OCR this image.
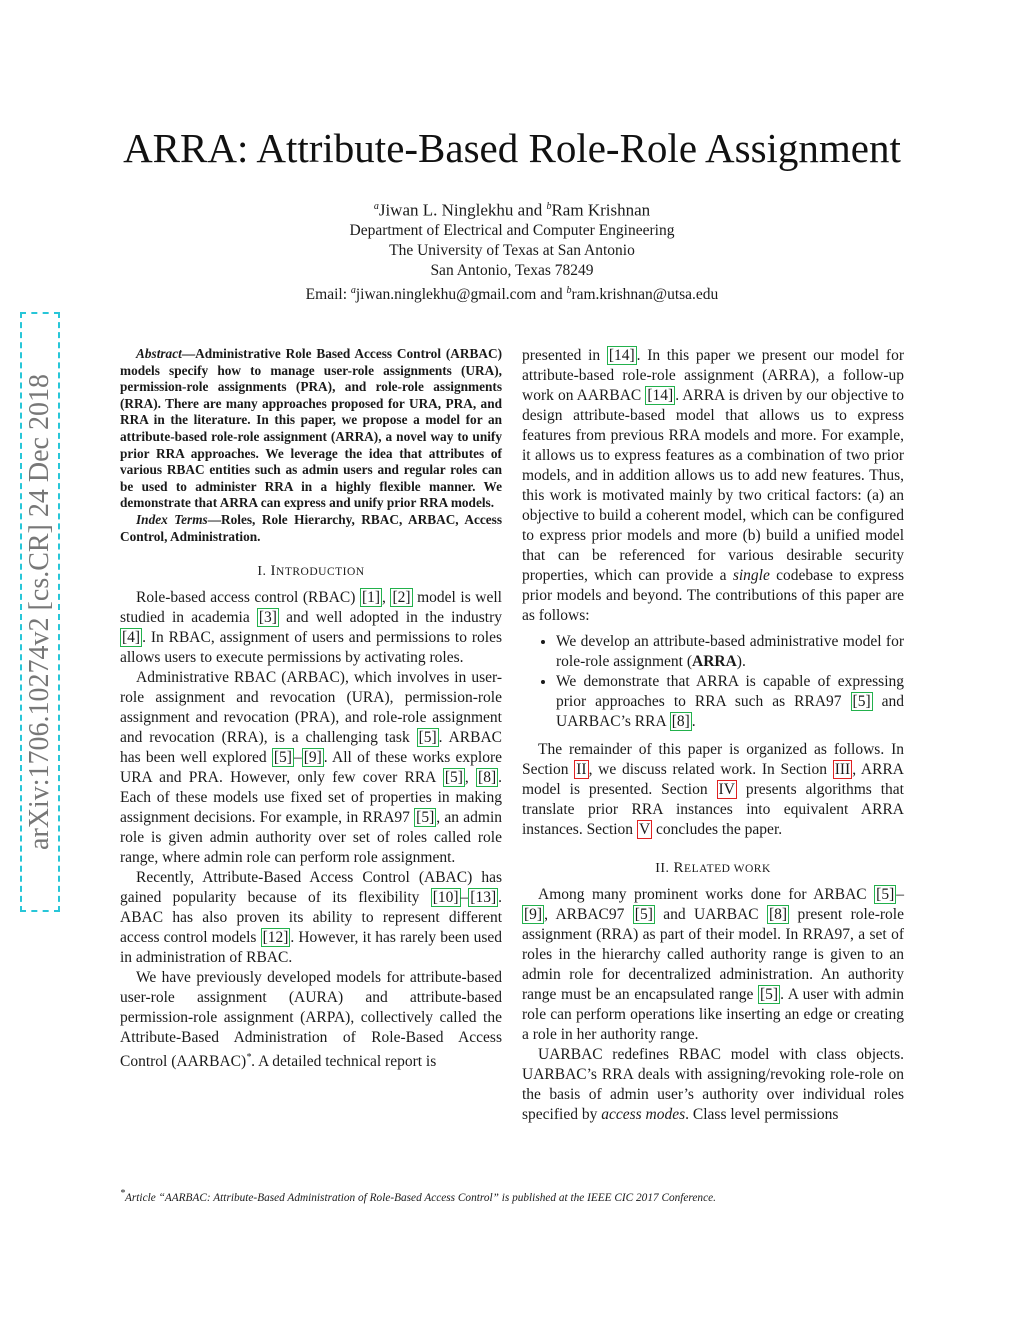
arXiv:1706.10274v2 [cs.CR] 24 Dec 2018
ARRA: Attribute-Based Role-Role Assignment
$^a$Jiwan L. Ninglekhu and $^b$Ram Krishnan
Department of Electrical and Computer Engineering
The University of Texas at San Antonio
San Antonio, Texas 78249
Email: $^a$jiwan.ninglekhu@gmail.com and $^b$ram.krishnan@utsa.edu

Abstract—Administrative Role Based Access Control (ARBAC) models specify how to manage user-role assignments (URA), permission-role assignments (PRA), and role-role assignments (RRA). There are many approaches proposed for URA, PRA, and RRA in the literature. In this paper, we propose a model for an attribute-based role-role assignment (ARRA), a novel way to unify prior RRA approaches. We leverage the idea that attributes of various RBAC entities such as admin users and regular roles can be used to administer RRA in a highly flexible manner. We demonstrate that ARRA can express and unify prior RRA models.

Index Terms—Roles, Role Hierarchy, RBAC, ARBAC, Access Control, Administration.

I. INTRODUCTION

Role-based access control (RBAC) [1] , [2] model is well studied in academia [3] and well adopted in the industry [4] . In RBAC, assignment of users and permissions to roles allows users to execute permissions by activating roles.

Administrative RBAC (ARBAC), which involves in user-role assignment and revocation (URA), permission-role assignment and revocation (PRA), and role-role assignment and revocation (RRA), is a challenging task [5] . ARBAC has been well explored [5] – [9] . All of these works explore URA and PRA. However, only few cover RRA [5] , [8] . Each of these models use fixed set of properties in making assignment decisions. For example, in RRA97 [5] , an admin role is given admin authority over set of roles called role range, where admin role can perform role assignment.

Recently, Attribute-Based Access Control (ABAC) has gained popularity because of its flexibility [10] – [13] . ABAC has also proven its ability to represent different access control models [12] . However, it has rarely been used in administration of RBAC.

We have previously developed models for attribute-based user-role assignment (AURA) and attribute-based permission-role assignment (ARPA), collectively called the Attribute-Based Administration of Role-Based Access Control (AARBAC)*. A detailed technical report is

presented in [14] . In this paper we present our model for attribute-based role-role assignment (ARRA), a follow-up work on AARBAC [14] . ARRA is driven by our objective to design attribute-based model that allows us to express features from previous RRA models and more. For example, it allows us to express features as a combination of two prior models, and in addition allows us to add new features. Thus, this work is motivated mainly by two critical factors: (a) an objective to build a coherent model, which can be configured to express prior models and more (b) build a unified model that can be referenced for various desirable security properties, which can provide a single codebase to express prior models and beyond. The contributions of this paper are as follows:

• We develop an attribute-based administrative model for role-role assignment (ARRA).
• We demonstrate that ARRA is capable of expressing prior approaches to RRA such as RRA97 [5] and UARBAC’s RRA [8] .

The remainder of this paper is organized as follows. In Section II , we discuss related work. In Section III , ARRA model is presented. Section IV presents algorithms that translate prior RRA instances into equivalent ARRA instances. Section V concludes the paper.

II. RELATED WORK

Among many prominent works done for ARBAC [5] –[9] , ARBAC97 [5] and UARBAC [8] present role-role assignment (RRA) as part of their model. In RRA97, a set of roles in the hierarchy called authority range is given to an admin role for decentralized administration. An authority range must be an encapsulated range [5] . A user with admin role can perform operations like inserting an edge or creating a role in her authority range.

UARBAC redefines RBAC model with class objects. UARBAC’s RRA deals with assigning/revoking role-role on the basis of admin user’s authority over individual roles specified by access modes. Class level permissions

*Article “AARBAC: Attribute-Based Administration of Role-Based Access Control” is published at the IEEE CIC 2017 Conference.
